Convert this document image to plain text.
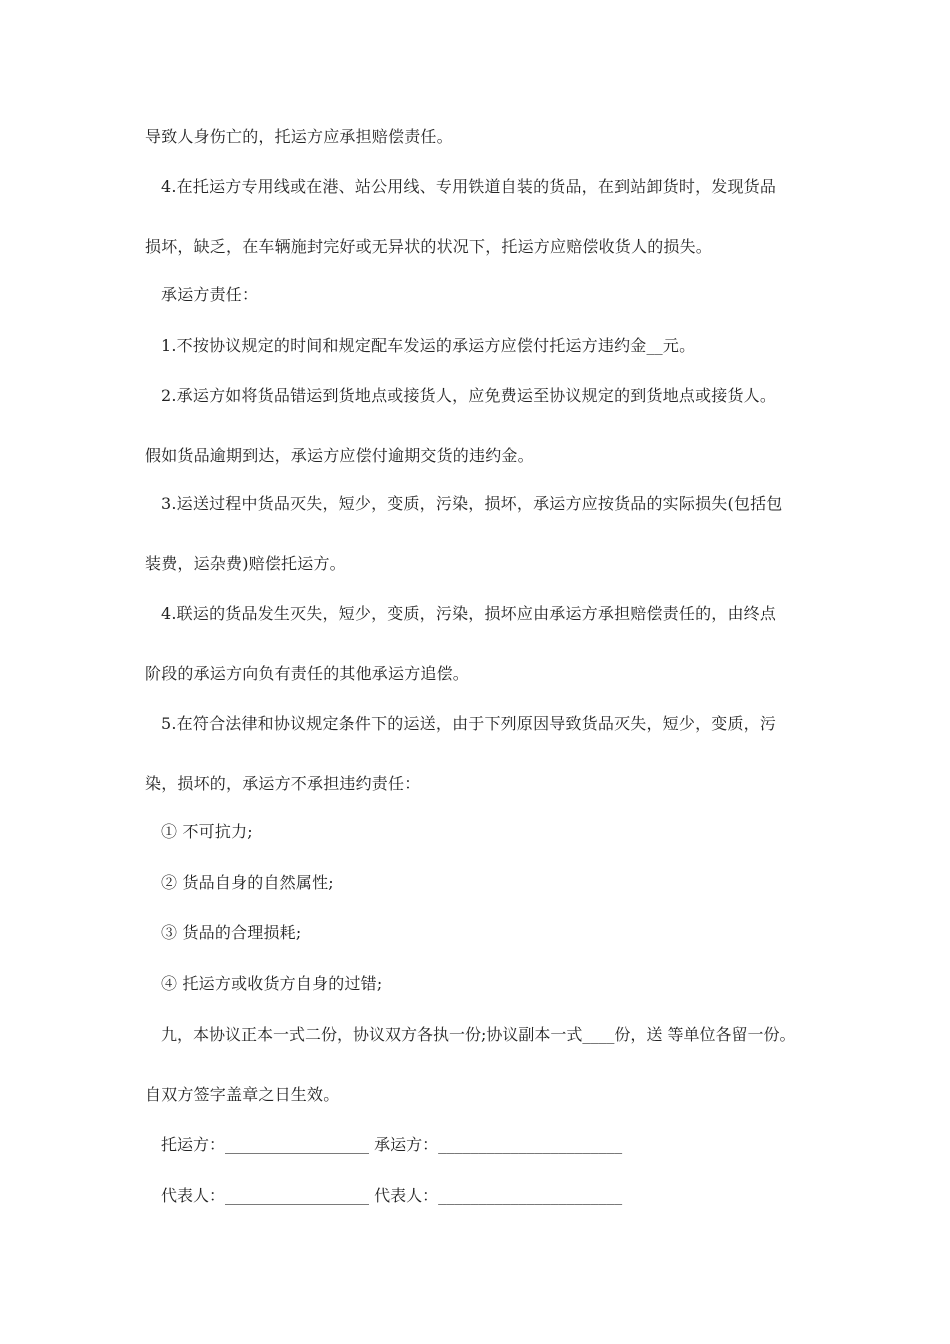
导致人身伤亡的，托运方应承担赔偿责任。
4.在托运方专用线或在港、站公用线、专用铁道自装的货品，在到站卸货时，发现货品
损坏，缺乏，在车辆施封完好或无异状的状况下，托运方应赔偿收货人的损失。
承运方责任：
1.不按协议规定的时间和规定配车发运的承运方应偿付托运方违约金__元。
2.承运方如将货品错运到货地点或接货人，应免费运至协议规定的到货地点或接货人。
假如货品逾期到达，承运方应偿付逾期交货的违约金。
3.运送过程中货品灭失，短少，变质，污染，损坏，承运方应按货品的实际损失(包括包
装费，运杂费)赔偿托运方。
4.联运的货品发生灭失，短少，变质，污染，损坏应由承运方承担赔偿责任的，由终点
阶段的承运方向负有责任的其他承运方追偿。
5.在符合法律和协议规定条件下的运送，由于下列原因导致货品灭失，短少，变质，污
染，损坏的，承运方不承担违约责任：
① 不可抗力;
② 货品自身的自然属性;
③ 货品的合理损耗;
④ 托运方或收货方自身的过错;
九，本协议正本一式二份，协议双方各执一份;协议副本一式____份，送 等单位各留一份。
自双方签字盖章之日生效。
托运方：__________________ 承运方：_______________________
代表人：__________________ 代表人：_______________________
